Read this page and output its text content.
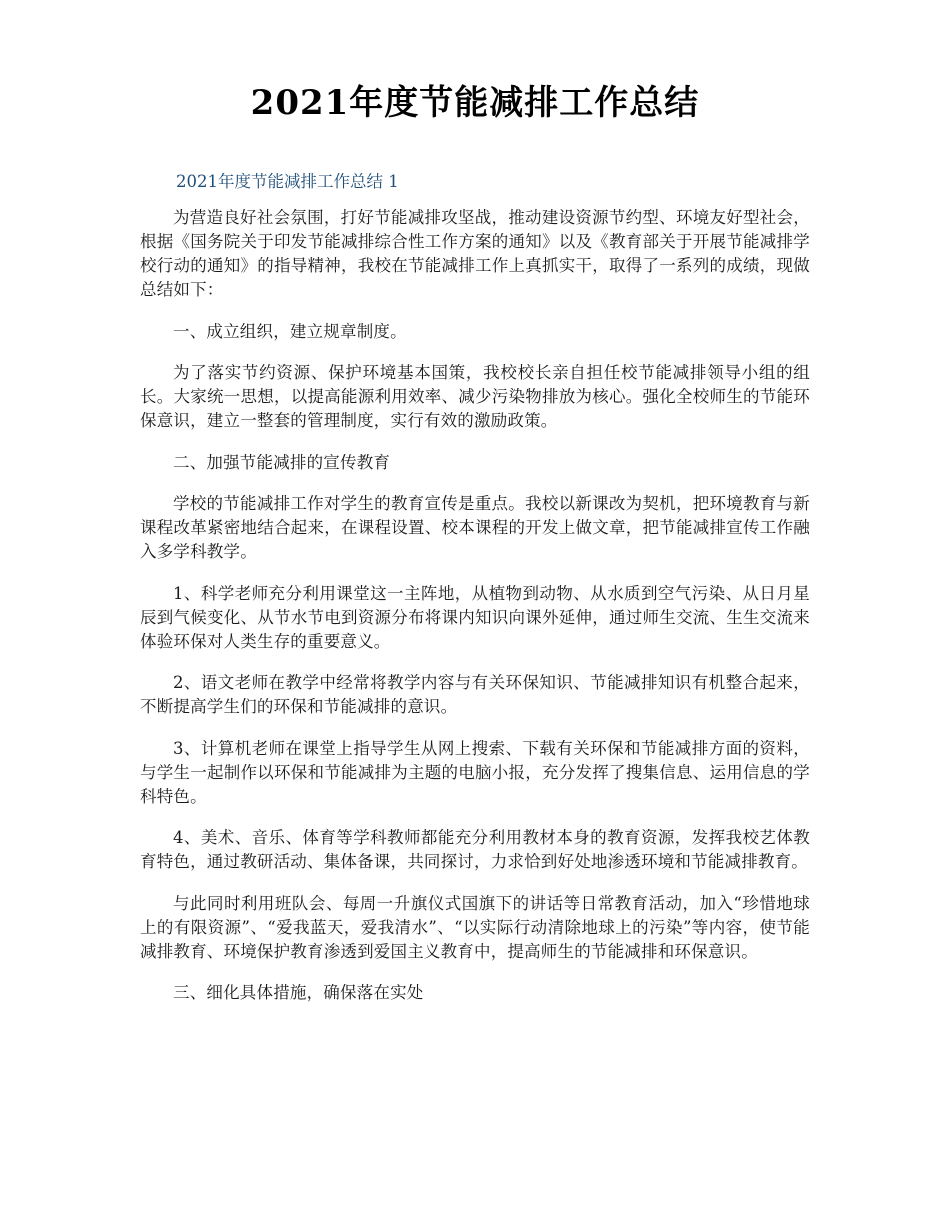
2021年度节能减排工作总结
2021年度节能减排工作总结 1

为营造良好社会氛围，打好节能减排攻坚战，推动建设资源节约型、环境友好型社会，根据《国务院关于印发节能减排综合性工作方案的通知》以及《教育部关于开展节能减排学校行动的通知》的指导精神，我校在节能减排工作上真抓实干，取得了一系列的成绩，现做总结如下：

一、成立组织，建立规章制度。

为了落实节约资源、保护环境基本国策，我校校长亲自担任校节能减排领导小组的组长。大家统一思想，以提高能源利用效率、减少污染物排放为核心。强化全校师生的节能环保意识，建立一整套的管理制度，实行有效的激励政策。

二、加强节能减排的宣传教育

学校的节能减排工作对学生的教育宣传是重点。我校以新课改为契机，把环境教育与新课程改革紧密地结合起来，在课程设置、校本课程的开发上做文章，把节能减排宣传工作融入多学科教学。

1、科学老师充分利用课堂这一主阵地，从植物到动物、从水质到空气污染、从日月星辰到气候变化、从节水节电到资源分布将课内知识向课外延伸，通过师生交流、生生交流来体验环保对人类生存的重要意义。

2、语文老师在教学中经常将教学内容与有关环保知识、节能减排知识有机整合起来，不断提高学生们的环保和节能减排的意识。

3、计算机老师在课堂上指导学生从网上搜索、下载有关环保和节能减排方面的资料，与学生一起制作以环保和节能减排为主题的电脑小报，充分发挥了搜集信息、运用信息的学科特色。

4、美术、音乐、体育等学科教师都能充分利用教材本身的教育资源，发挥我校艺体教育特色，通过教研活动、集体备课，共同探讨，力求恰到好处地渗透环境和节能减排教育。

与此同时利用班队会、每周一升旗仪式国旗下的讲话等日常教育活动，加入“珍惜地球上的有限资源”、“爱我蓝天，爱我清水”、“以实际行动清除地球上的污染”等内容，使节能减排教育、环境保护教育渗透到爱国主义教育中，提高师生的节能减排和环保意识。

三、细化具体措施，确保落在实处
